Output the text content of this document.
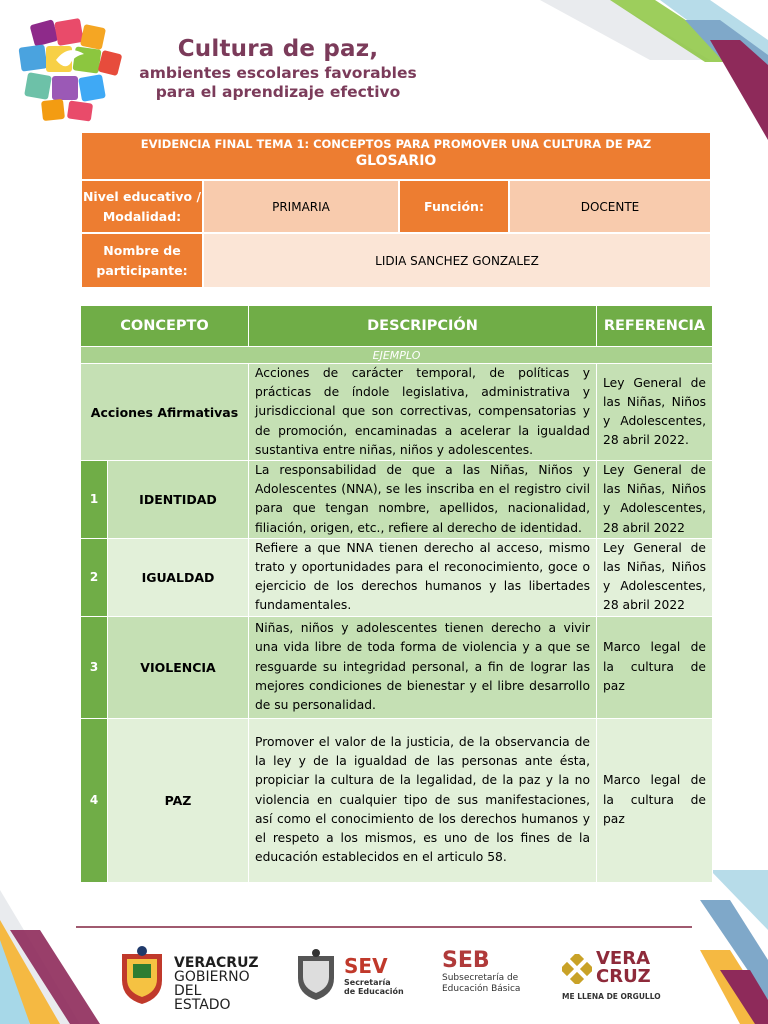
Cultura de paz,
ambientes escolares favorables
para el aprendizaje efectivo
EVIDENCIA FINAL TEMA 1: CONCEPTOS PARA PROMOVER UNA CULTURA DE PAZ
GLOSARIO			

Nivel educativo / Modalidad:	PRIMARIA	Función:	DOCENTE
Nombre de participante:	LIDIA SANCHEZ GONZALEZ		
CONCEPTO		DESCRIPCIÓN	REFERENCIA
EJEMPLO			
Acciones Afirmativas		Acciones de carácter temporal, de políticas y prácticas de índole legislativa, administrativa y jurisdiccional que son correctivas, compensatorias y de promoción, encaminadas a acelerar la igualdad sustantiva entre niñas, niños y adolescentes.	Ley General de las Niñas, Niños y Adolescentes, 28 abril 2022.
1	IDENTIDAD	La responsabilidad de que a las Niñas, Niños y Adolescentes (NNA), se les inscriba en el registro civil para que tengan nombre, apellidos, nacionalidad, filiación, origen, etc., refiere al derecho de identidad.	Ley General de las Niñas, Niños y Adolescentes, 28 abril 2022
2	IGUALDAD	Refiere a que NNA tienen derecho al acceso, mismo trato y oportunidades para el reconocimiento, goce o ejercicio de los derechos humanos y las libertades fundamentales.	Ley General de las Niñas, Niños y Adolescentes, 28 abril 2022
3	VIOLENCIA	Niñas, niños y adolescentes tienen derecho a vivir una vida libre de toda forma de violencia y a que se resguarde su integridad personal, a fin de lograr las mejores condiciones de bienestar y el libre desarrollo de su personalidad.	Marco legal de la cultura de paz
4	PAZ	Promover el valor de la justicia, de la observancia de la ley y de la igualdad de las personas ante ésta, propiciar la cultura de la legalidad, de la paz y la no violencia en cualquier tipo de sus manifestaciones, así como el conocimiento de los derechos humanos y el respeto a los mismos, es uno de los fines de la educación establecidos en el articulo 58.	Marco legal de la cultura de paz
VERACRUZ
GOBIERNO
DEL ESTADO
SEV
Secretaría
de Educación
SEB
Subsecretaría de
Educación Básica
VERA
CRUZ
ME LLENA DE ORGULLO
